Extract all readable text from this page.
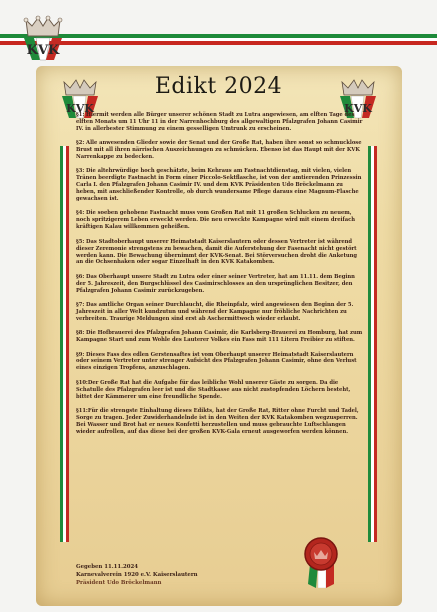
KVK
KVK	KVK
Edikt 2024

§1: Hiermit werden alle Bürger unserer schönen Stadt zu Lutra angewiesen, am elften Tage des elften Monats um 11 Uhr 11 in der Narrenhochburg des allgewaltigen Pfalzgrafen Johann Casimir IV. in allerbester Stimmung zu einem gesselligen Umtrunk zu erscheinen.

§2: Alle anwesenden Glieder sowie der Senat und der Große Rat, haben ihre sonst so schmucklose Brust mit all ihren närrischen Auszeichnungen zu schmücken. Ebenso ist das Haupt mit der KVK Narrenkappe zu bedecken.

§3: Die altehrwürdige hoch geschätzte, beim Kehraus am Fastnachtdienstag, mit vielen, vielen Tränen beerdigte Fastnacht in Form einer Piccolo-Sektflasche, ist von der amtierenden Prinzessin Carla I. den Pfalzgrafen Johann Casimir IV. und dem KVK Präsidenten Udo Bröckelmann zu heben, mit anschließender Kontrolle, ob durch wundersame Pflege daraus eine Magnum-Flasche gewachsen ist.

§4: Die soeben gehobene Fastnacht muss vom Großen Rat mit 11 großen Schlucken zu neuem, noch spritzigerem Leben erweckt werden. Die neu erweckte Kampagne wird mit einem dreifach kräftigen Kalau willkommen geheißen.

§5: Das Stadtoberhaupt unserer Heimatstadt Kaiserslautern oder dessen Vertreter ist während dieser Zeremonie strengstens zu bewachen, damit die Auferstehung der Fasenacht nicht gestört werden kann. Die Bewachung übernimmt der KVK-Senat. Bei Störversuchen droht die Anketung an die Ochsenhaken oder sogar Einzelhaft in den KVK Katakomben.

§6: Das Oberhaupt unsere Stadt zu Lutra oder einer seiner Vertreter, hat am 11.11. dem Beginn der 5. Jahreszeit, den Burgschlüssel des Casimirschlosses an den ursprünglichen Besitzer, den Pfalzgrafen Johann Casimir zurückzugeben.

§7: Das amtliche Organ seiner Durchlaucht, die Rheinpfalz, wird angewiesen den Beginn der 5. Jahreszeit in aller Welt kundzutun und während der Kampagne nur fröhliche Nachrichten zu verbreiten. Traurige Meldungen sind erst ab Aschermittwoch wieder erlaubt.

§8: Die Hofbrauerei des Pfalzgrafen Johann Casimir, die Karlsberg-Brauerei zu Homburg, hat zum Kampagne Start und zum Wohle des Lauterer Volkes ein Fass mit 111 Litern Freibier zu stiften.

§9: Dieses Fass des edlen Gerstensaftes ist vom Oberhaupt unserer Heimatstadt Kaiserslautern oder seinem Vertreter unter strenger Aufsicht des Pfalzgrafen Johann Casimir, ohne den Verlust eines einzigen Tropfens, anzuschlagen.

§10:Der Große Rat hat die Aufgabe für das leibliche Wohl unserer Gäste zu sorgen. Da die Schatulle des Pfalzgrafen leer ist und die Stadtkasse aus nicht zustopfenden Löchern besteht, bittet der Kämmerer um eine freundliche Spende.

§11:Für die strengste Einhaltung dieses Edikts, hat der Große Rat, Ritter ohne Furcht und Tadel, Sorge zu tragen. Jeder Zuwiderhandelnde ist in den Weiten der KVK Katakomben wegzusperren. Bei Wasser und Brot hat er neues Konfetti herzustellen und muss gebrauchte Luftschlangen wieder aufrollen, auf das diese bei der großen KVK-Gala erneut ausgeworfen werden können.

Gegeben 11.11.2024
Karnevalverein 1920 e.V. Kaiserslautern
Präsident Udo Bröckelmann
